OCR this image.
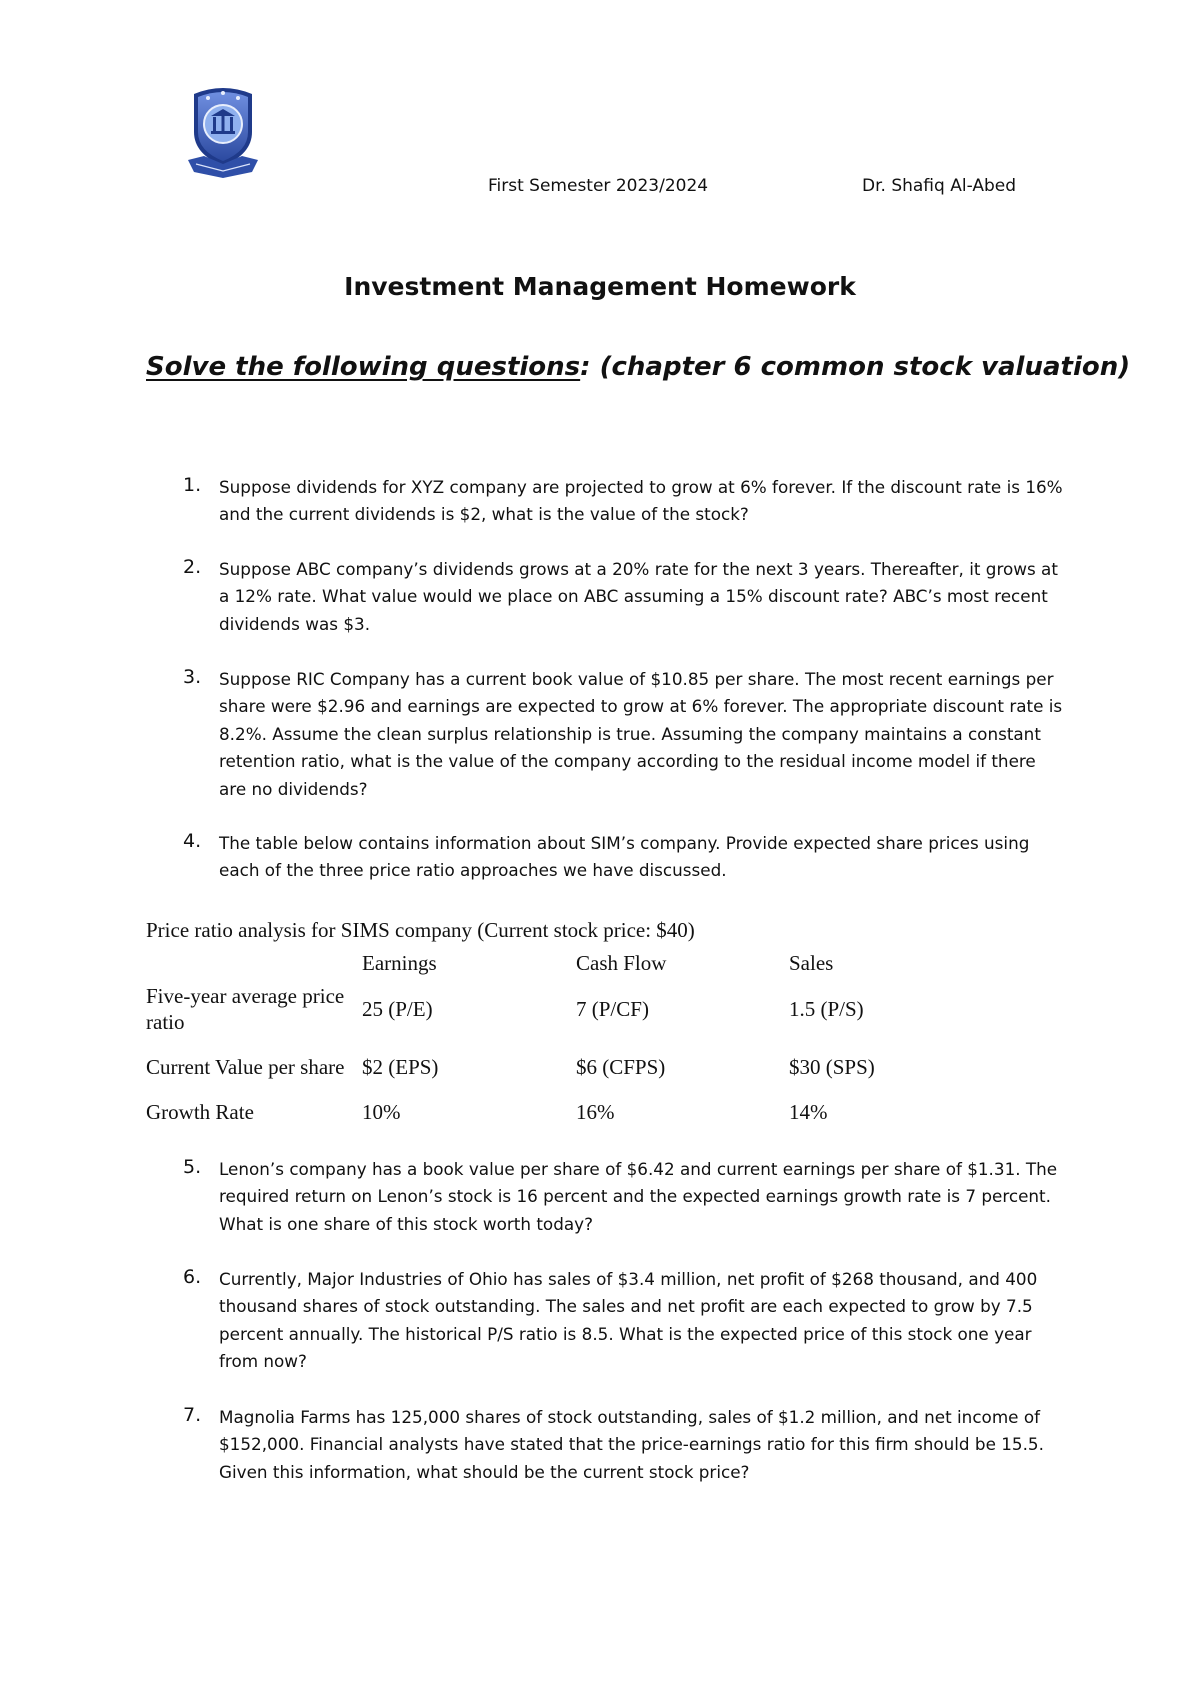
First Semester 2023/2024	Dr. Shafiq Al-Abed
Investment Management Homework
Solve the following questions: (chapter 6 common stock valuation)
1. Suppose dividends for XYZ company are projected to grow at 6% forever. If the discount rate is 16% and the current dividends is $2, what is the value of the stock?
2. Suppose ABC company’s dividends grows at a 20% rate for the next 3 years. Thereafter, it grows at a 12% rate. What value would we place on ABC assuming a 15% discount rate? ABC’s most recent dividends was $3.
3. Suppose RIC Company has a current book value of $10.85 per share. The most recent earnings per share were $2.96 and earnings are expected to grow at 6% forever. The appropriate discount rate is 8.2%. Assume the clean surplus relationship is true. Assuming the company maintains a constant retention ratio, what is the value of the company according to the residual income model if there are no dividends?
4. The table below contains information about SIM’s company. Provide expected share prices using each of the three price ratio approaches we have discussed.
Price ratio analysis for SIMS company (Current stock price: $40)
	Earnings	Cash Flow	Sales
Five-year average price ratio	25 (P/E)	7 (P/CF)	1.5 (P/S)
Current Value per share	$2 (EPS)	$6 (CFPS)	$30 (SPS)
Growth Rate	10%	16%	14%
5. Lenon’s company has a book value per share of $6.42 and current earnings per share of $1.31. The required return on Lenon’s stock is 16 percent and the expected earnings growth rate is 7 percent. What is one share of this stock worth today?
6. Currently, Major Industries of Ohio has sales of $3.4 million, net profit of $268 thousand, and 400 thousand shares of stock outstanding. The sales and net profit are each expected to grow by 7.5 percent annually. The historical P/S ratio is 8.5. What is the expected price of this stock one year from now?
7. Magnolia Farms has 125,000 shares of stock outstanding, sales of $1.2 million, and net income of $152,000. Financial analysts have stated that the price-earnings ratio for this firm should be 15.5. Given this information, what should be the current stock price?
